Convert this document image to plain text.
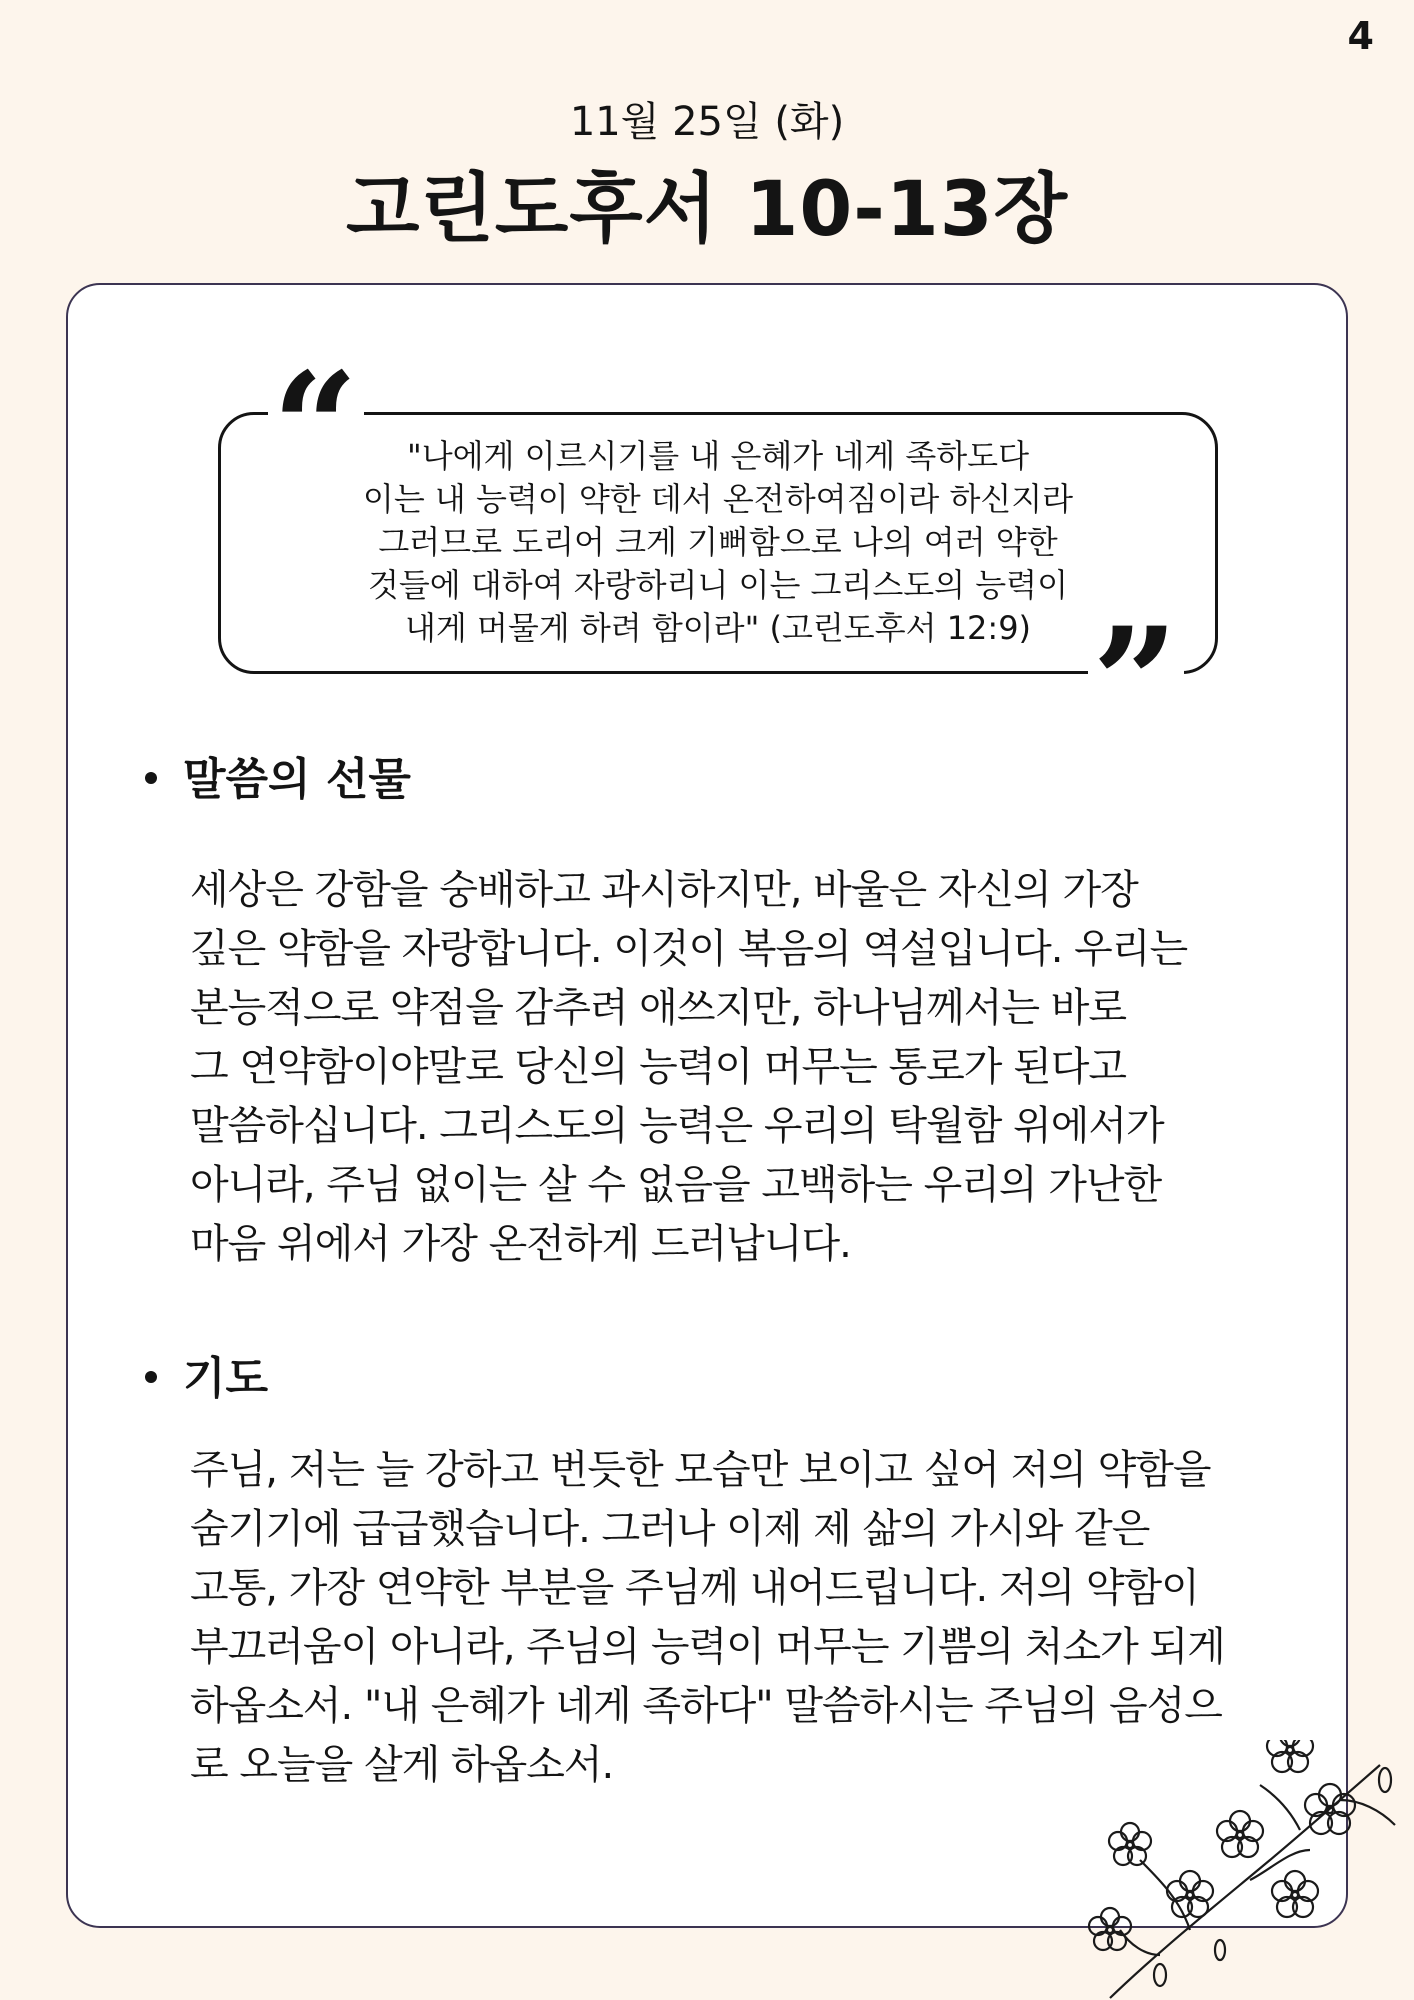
4
11월 25일 (화)
고린도후서 10-13장
“
”
"나에게 이르시기를 내 은혜가 네게 족하도다
이는 내 능력이 약한 데서 온전하여짐이라 하신지라
그러므로 도리어 크게 기뻐함으로 나의 여러 약한
것들에 대하여 자랑하리니 이는 그리스도의 능력이
내게 머물게 하려 함이라" (고린도후서 12:9)
말씀의 선물
세상은 강함을 숭배하고 과시하지만, 바울은 자신의 가장
깊은 약함을 자랑합니다. 이것이 복음의 역설입니다. 우리는
본능적으로 약점을 감추려 애쓰지만, 하나님께서는 바로
그 연약함이야말로 당신의 능력이 머무는 통로가 된다고
말씀하십니다. 그리스도의 능력은 우리의 탁월함 위에서가
아니라, 주님 없이는 살 수 없음을 고백하는 우리의 가난한
마음 위에서 가장 온전하게 드러납니다.
기도
주님, 저는 늘 강하고 번듯한 모습만 보이고 싶어 저의 약함을
숨기기에 급급했습니다. 그러나 이제 제 삶의 가시와 같은
고통, 가장 연약한 부분을 주님께 내어드립니다. 저의 약함이
부끄러움이 아니라, 주님의 능력이 머무는 기쁨의 처소가 되게
하옵소서. "내 은혜가 네게 족하다" 말씀하시는 주님의 음성으
로 오늘을 살게 하옵소서.
